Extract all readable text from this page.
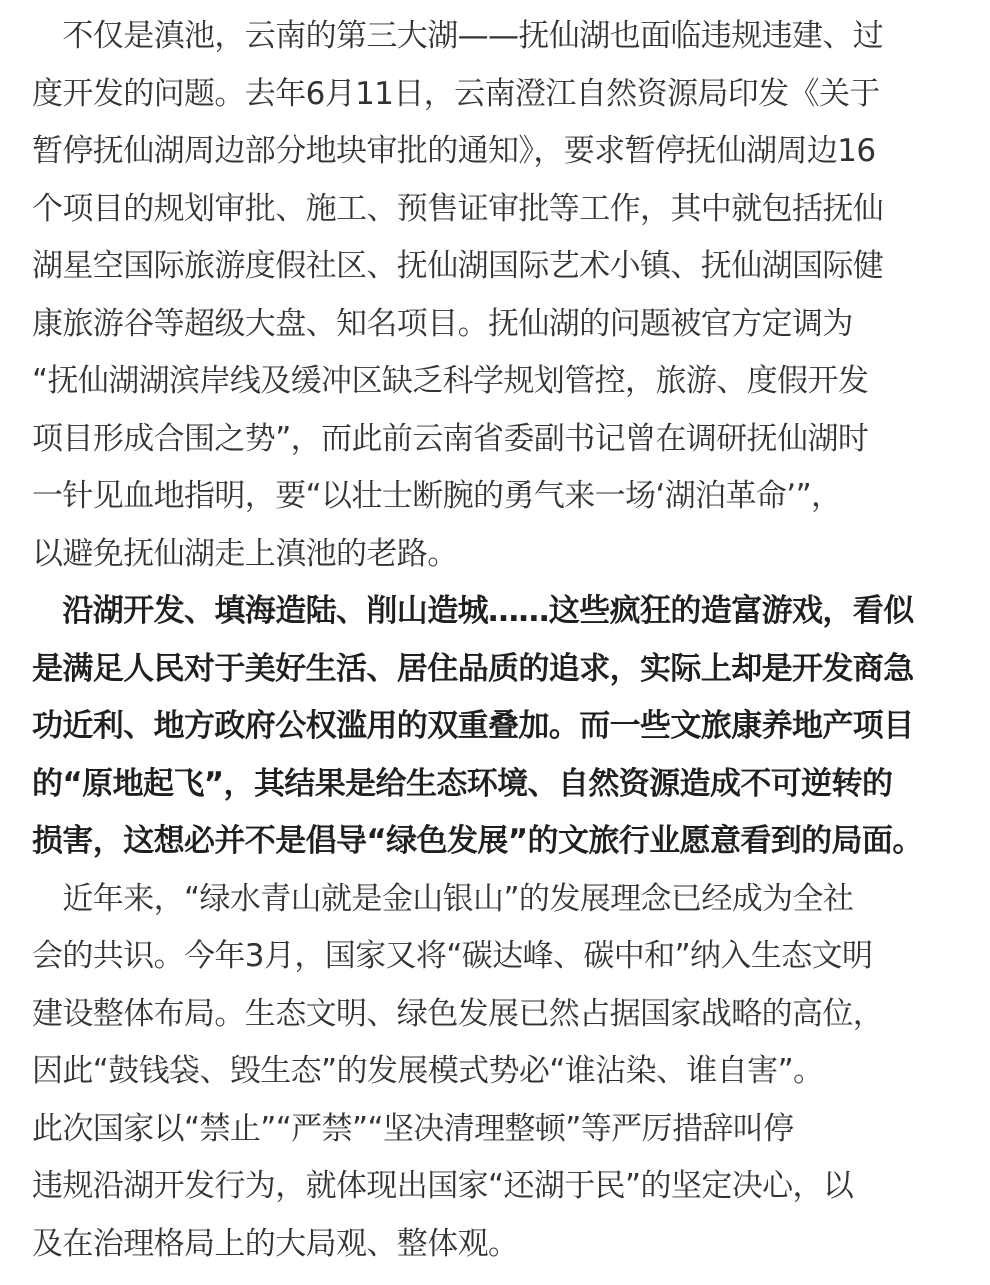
　不仅是滇池，云南的第三大湖——抚仙湖也面临违规违建、过
度开发的问题。去年6月11日，云南澄江自然资源局印发《关于
暂停抚仙湖周边部分地块审批的通知》，要求暂停抚仙湖周边16
个项目的规划审批、施工、预售证审批等工作，其中就包括抚仙
湖星空国际旅游度假社区、抚仙湖国际艺术小镇、抚仙湖国际健
康旅游谷等超级大盘、知名项目。抚仙湖的问题被官方定调为
“抚仙湖湖滨岸线及缓冲区缺乏科学规划管控，旅游、度假开发
项目形成合围之势”，而此前云南省委副书记曾在调研抚仙湖时
一针见血地指明，要“以壮士断腕的勇气来一场‘湖泊革命’”，
以避免抚仙湖走上滇池的老路。
　沿湖开发、填海造陆、削山造城……这些疯狂的造富游戏，看似
是满足人民对于美好生活、居住品质的追求，实际上却是开发商急
功近利、地方政府公权滥用的双重叠加。而一些文旅康养地产项目
的“原地起飞”，其结果是给生态环境、自然资源造成不可逆转的
损害，这想必并不是倡导“绿色发展”的文旅行业愿意看到的局面。
　近年来，“绿水青山就是金山银山”的发展理念已经成为全社
会的共识。今年3月，国家又将“碳达峰、碳中和”纳入生态文明
建设整体布局。生态文明、绿色发展已然占据国家战略的高位，
因此“鼓钱袋、毁生态”的发展模式势必“谁沾染、谁自害”。
此次国家以“禁止”“严禁”“坚决清理整顿”等严厉措辞叫停
违规沿湖开发行为，就体现出国家“还湖于民”的坚定决心，以
及在治理格局上的大局观、整体观。
